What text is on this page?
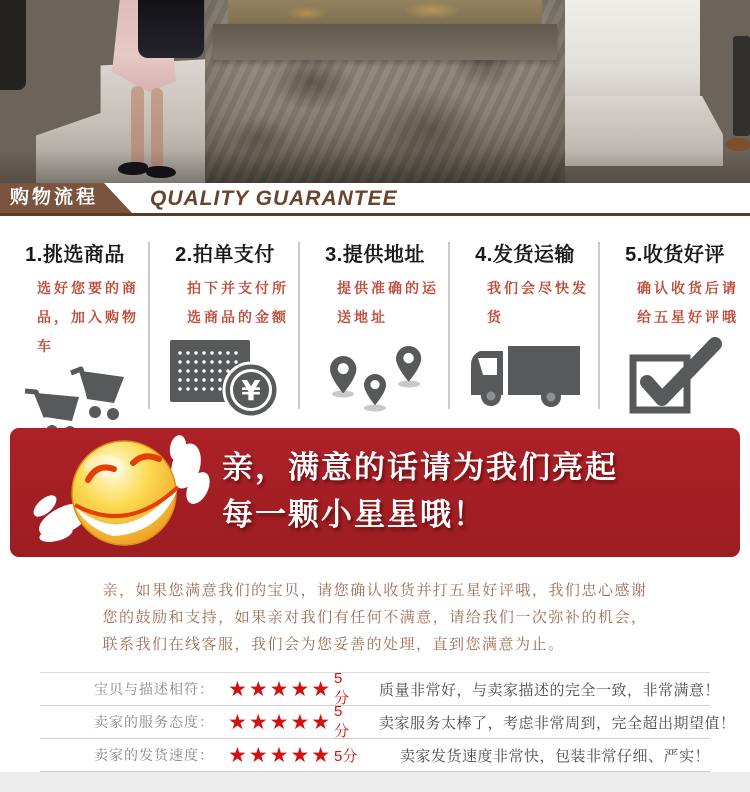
购物流程 QUALITY GUARANTEE
1.挑选商品
选好您要的商品，加入购物车
2.拍单支付
拍下并支付所选商品的金额
¥
3.提供地址
提供准确的运送地址
4.发货运输
我们会尽快发货
5.收货好评
确认收货后请给五星好评哦
亲，满意的话请为我们亮起
每一颗小星星哦！
亲，如果您满意我们的宝贝，请您确认收货并打五星好评哦，我们忠心感谢您的鼓励和支持，如果亲对我们有任何不满意，请给我们一次弥补的机会，联系我们在线客服，我们会为您妥善的处理，直到您满意为止。
宝贝与描述相符： ★★★★★ 5分 质量非常好，与卖家描述的完全一致，非常满意！
卖家的服务态度： ★★★★★ 5分 卖家服务太棒了，考虑非常周到，完全超出期望值！
卖家的发货速度： ★★★★★ 5分	卖家发货速度非常快，包装非常仔细、严实！
